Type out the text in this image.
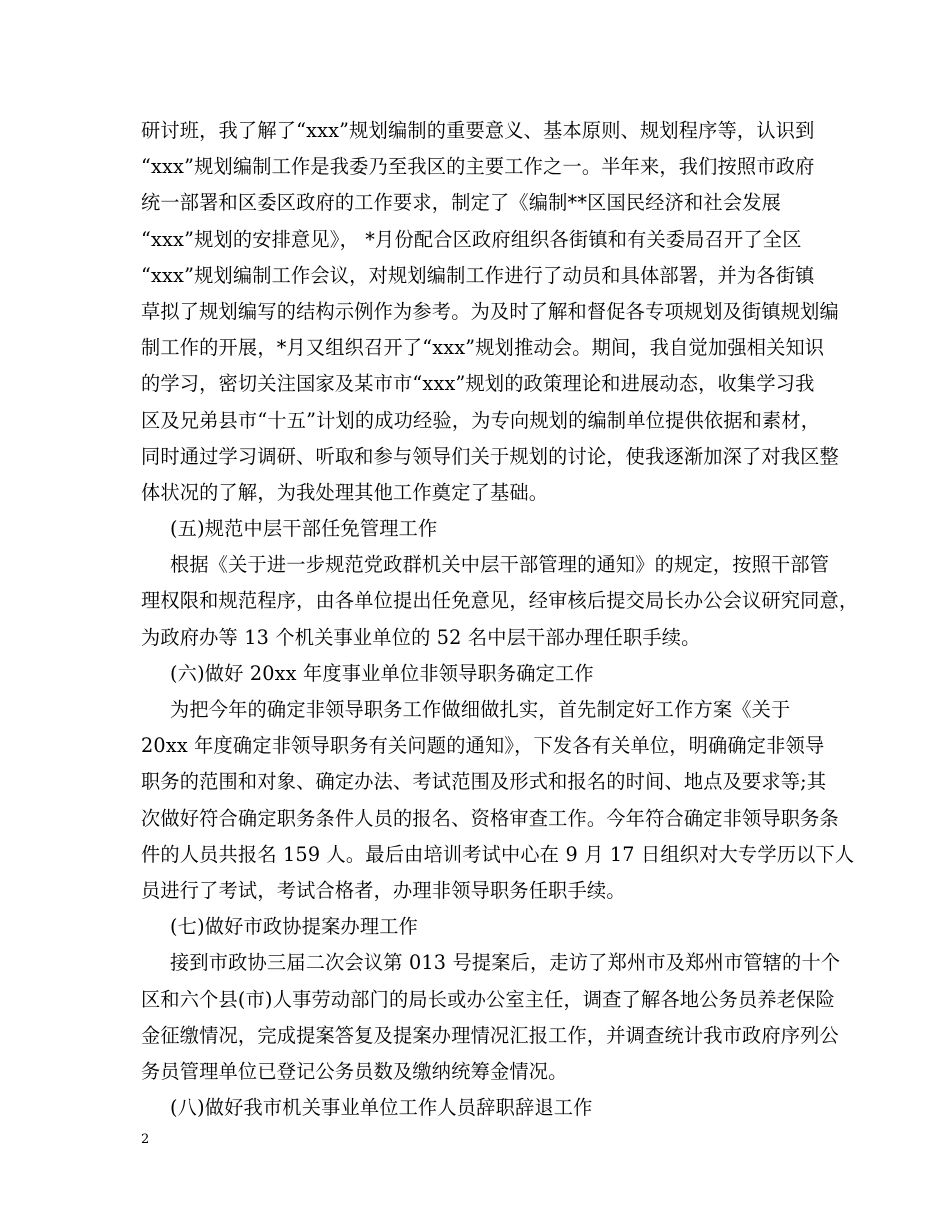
研讨班，我了解了“xxx”规划编制的重要意义、基本原则、规划程序等，认识到
“xxx”规划编制工作是我委乃至我区的主要工作之一。半年来，我们按照市政府
统一部署和区委区政府的工作要求，制定了《编制**区国民经济和社会发展
“xxx”规划的安排意见》， *月份配合区政府组织各街镇和有关委局召开了全区
“xxx”规划编制工作会议，对规划编制工作进行了动员和具体部署，并为各街镇
草拟了规划编写的结构示例作为参考。为及时了解和督促各专项规划及街镇规划编
制工作的开展，*月又组织召开了“xxx”规划推动会。期间，我自觉加强相关知识
的学习，密切关注国家及某市市“xxx”规划的政策理论和进展动态，收集学习我
区及兄弟县市“十五”计划的成功经验，为专向规划的编制单位提供依据和素材，
同时通过学习调研、听取和参与领导们关于规划的讨论，使我逐渐加深了对我区整
体状况的了解，为我处理其他工作奠定了基础。
(五)规范中层干部任免管理工作
根据《关于进一步规范党政群机关中层干部管理的通知》的规定，按照干部管
理权限和规范程序，由各单位提出任免意见，经审核后提交局长办公会议研究同意，
为政府办等 13 个机关事业单位的 52 名中层干部办理任职手续。
(六)做好 20xx 年度事业单位非领导职务确定工作
为把今年的确定非领导职务工作做细做扎实，首先制定好工作方案《关于
20xx 年度确定非领导职务有关问题的通知》，下发各有关单位，明确确定非领导
职务的范围和对象、确定办法、考试范围及形式和报名的时间、地点及要求等;其
次做好符合确定职务条件人员的报名、资格审查工作。今年符合确定非领导职务条
件的人员共报名 159 人。最后由培训考试中心在 9 月 17 日组织对大专学历以下人
员进行了考试，考试合格者，办理非领导职务任职手续。
(七)做好市政协提案办理工作
接到市政协三届二次会议第 013 号提案后，走访了郑州市及郑州市管辖的十个
区和六个县(市)人事劳动部门的局长或办公室主任，调查了解各地公务员养老保险
金征缴情况，完成提案答复及提案办理情况汇报工作，并调查统计我市政府序列公
务员管理单位已登记公务员数及缴纳统筹金情况。
(八)做好我市机关事业单位工作人员辞职辞退工作
2
